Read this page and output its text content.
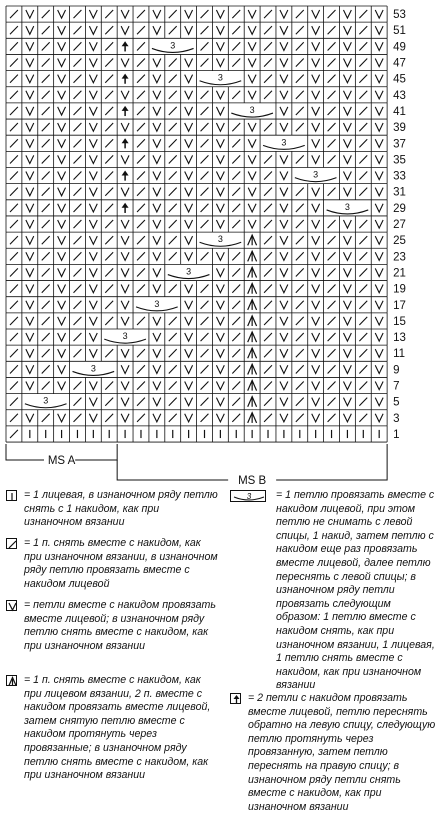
3
3
3
3
3
3
3
3
3
3
3
3
53
51
49
47
45
43
41
39
37
35
33
31
29
27
25
23
21
19
17
15
13
11
9
7
5
3
1
MS A
MS B
= 1 лицевая, в изнаночном ряду петлю снять с 1 накидом, как при изнаночном вязании
= 1 п. снять вместе с накидом, как при изнаночном вязании, в изнаночном ряду петлю провязать вместе с накидом лицевой
= петли вместе с накидом провязать вместе лицевой; в изнаночном ряду петлю снять вместе с накидом, как при изнаночном вязании
= 1 п. снять вместе с накидом, как при лицевом вязании, 2 п. вместе с накидом провязать вместе лицевой, затем снятую петлю вместе с накидом протянуть через провязанные; в изнаночном ряду петлю снять вместе с накидом, как при изнаночном вязании
3	= 1 петлю провязать вместе с накидом лицевой, при этом петлю не снимать с левой спицы, 1 накид, затем петлю с накидом еще раз провязать вместе лицевой, далее петлю переснять с левой спицы; в изнаночном ряду петли провязать следующим образом: 1 петлю вместе с накидом снять, как при изнаночном вязании, 1 лицевая, 1 петлю снять вместе с накидом, как при изнаночном вязании
= 2 петли с накидом провязать вместе лицевой, петлю переснять обратно на левую спицу, следующую петлю протянуть через провязанную, затем петлю переснять на правую спицу; в изнаночном ряду петли снять вместе с накидом, как при изнаночном вязании
